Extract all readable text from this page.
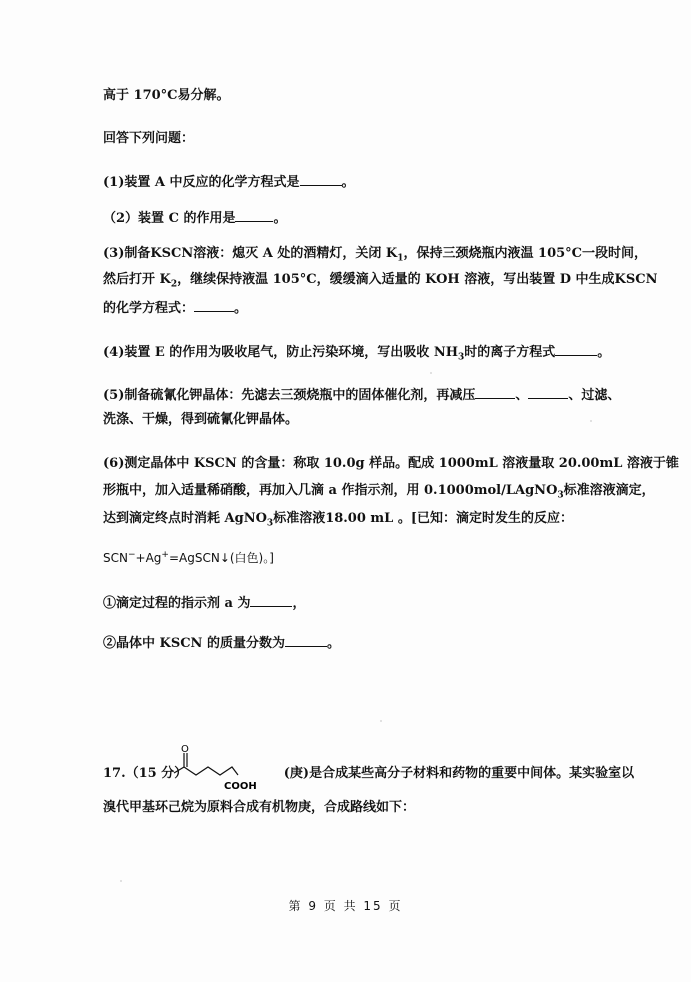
高于 170°C易分解。
回答下列问题：
(1)装置 A 中反应的化学方程式是	。
（2）装置 C 的作用是	。
(3)制备KSCN溶液：熄灭 A 处的酒精灯，关闭 $K_1$，保持三颈烧瓶内液温 105°C一段时间，
然后打开 $K_2$，继续保持液温 105°C，缓缓滴入适量的 KOH 溶液，写出装置 D 中生成KSCN
的化学方程式：	。
(4)装置 E 的作用为吸收尾气，防止污染环境，写出吸收 $NH_3$时的离子方程式	。
(5)制备硫氰化钾晶体：先滤去三颈烧瓶中的固体催化剂，再减压	、	、过滤、
洗涤、干燥，得到硫氰化钾晶体。
(6)测定晶体中 KSCN 的含量：称取 10.0g 样品。配成 1000mL 溶液量取 20.00mL 溶液于锥
形瓶中，加入适量稀硝酸，再加入几滴 a 作指示剂，用 0.1000mol/LAgNO$_3$标准溶液滴定，
达到滴定终点时消耗 AgNO$_3$标准溶液18.00 mL 。[已知：滴定时发生的反应：
SCN−+Ag+=AgSCN↓(白色)。]
①滴定过程的指示剂 a 为	，
②晶体中 KSCN 的质量分数为	。
17.（15 分）	(庚)是合成某些高分子材料和药物的重要中间体。某实验室以
溴代甲基环己烷为原料合成有机物庚，合成路线如下：
O
COOH
第 9 页 共 15 页
